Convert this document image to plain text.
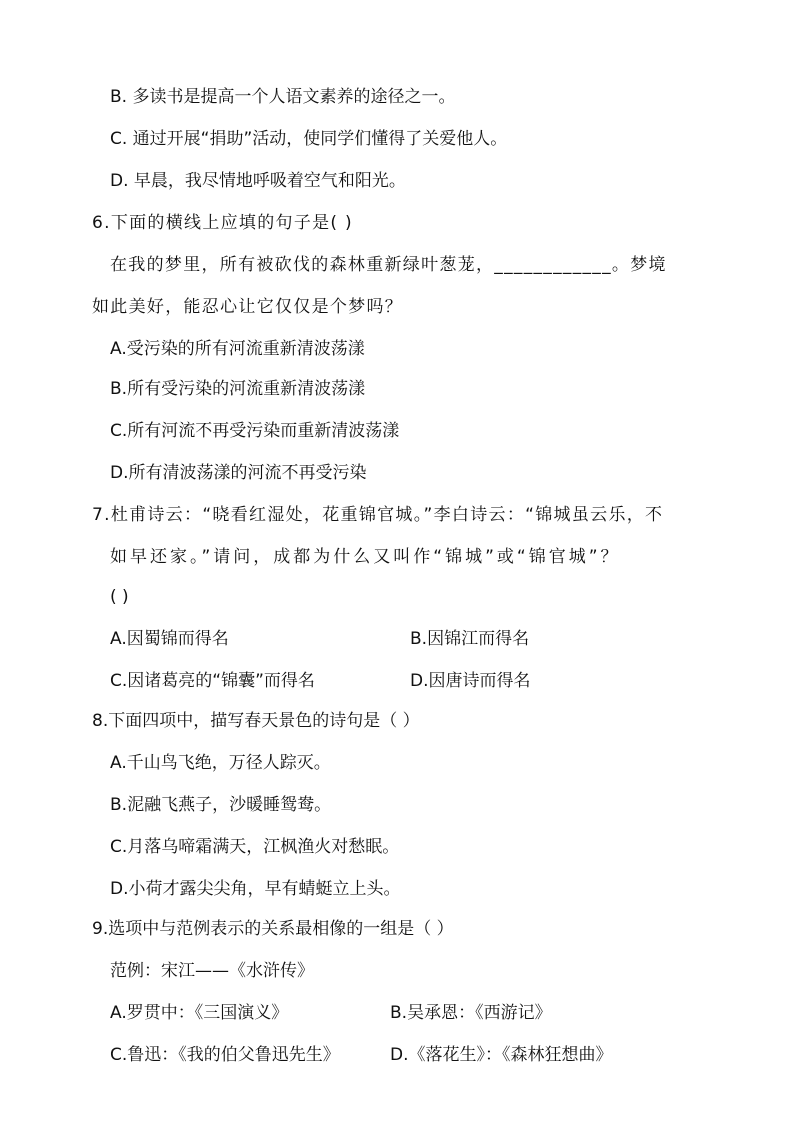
B. 多读书是提高一个人语文素养的途径之一。
C. 通过开展“捐助”活动，使同学们懂得了关爱他人。
D. 早晨，我尽情地呼吸着空气和阳光。
6.下面的横线上应填的句子是( )
在我的梦里，所有被砍伐的森林重新绿叶葱茏，____________。梦境
如此美好，能忍心让它仅仅是个梦吗？
A.受污染的所有河流重新清波荡漾
B.所有受污染的河流重新清波荡漾
C.所有河流不再受污染而重新清波荡漾
D.所有清波荡漾的河流不再受污染
7.杜甫诗云：“晓看红湿处，花重锦官城。”李白诗云：“锦城虽云乐，不
如早还家。”请问，成都为什么又叫作“锦城”或“锦官城”？
( )
A.因蜀锦而得名	B.因锦江而得名
C.因诸葛亮的“锦囊”而得名	D.因唐诗而得名
8.下面四项中，描写春天景色的诗句是（ ）
A.千山鸟飞绝，万径人踪灭。
B.泥融飞燕子，沙暖睡鸳鸯。
C.月落乌啼霜满天，江枫渔火对愁眠。
D.小荷才露尖尖角，早有蜻蜓立上头。
9.选项中与范例表示的关系最相像的一组是（ ）
范例：宋江——《水浒传》
A.罗贯中：《三国演义》	B.吴承恩：《西游记》
C.鲁迅：《我的伯父鲁迅先生》	D.《落花生》：《森林狂想曲》
